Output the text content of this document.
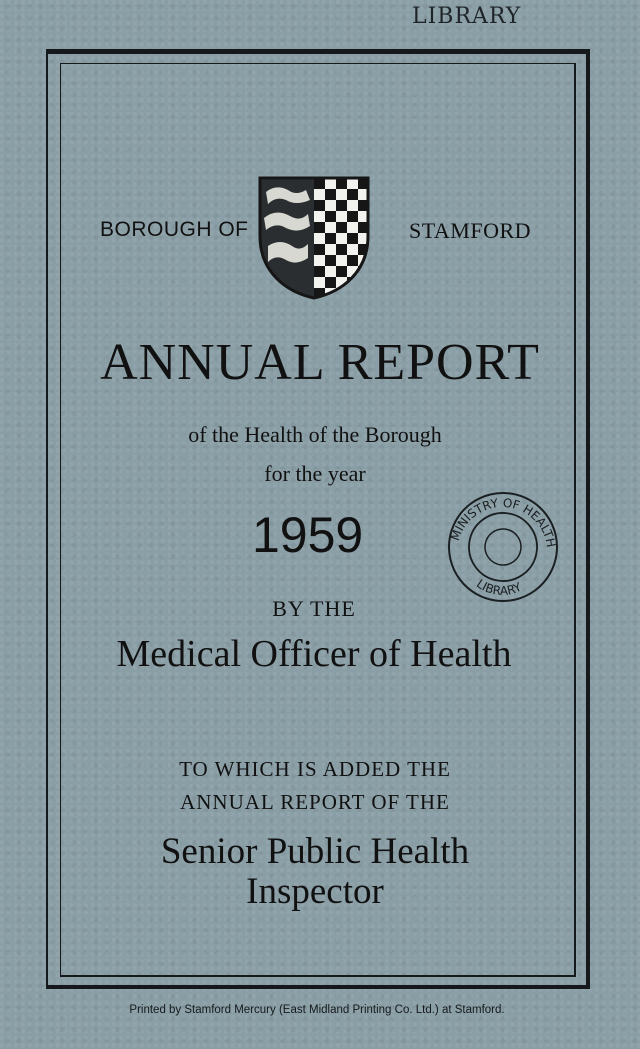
LIBRARY
BOROUGH OF	STAMFORD
ANNUAL REPORT
of the Health of the Borough
for the year
1959	MINISTRY OF HEALTH
LIBRARY
BY THE
Medical Officer of Health
TO WHICH IS ADDED THE
ANNUAL REPORT OF THE
Senior Public Health
Inspector
Printed by Stamford Mercury (East Midland Printing Co. Ltd.) at Stamford.
